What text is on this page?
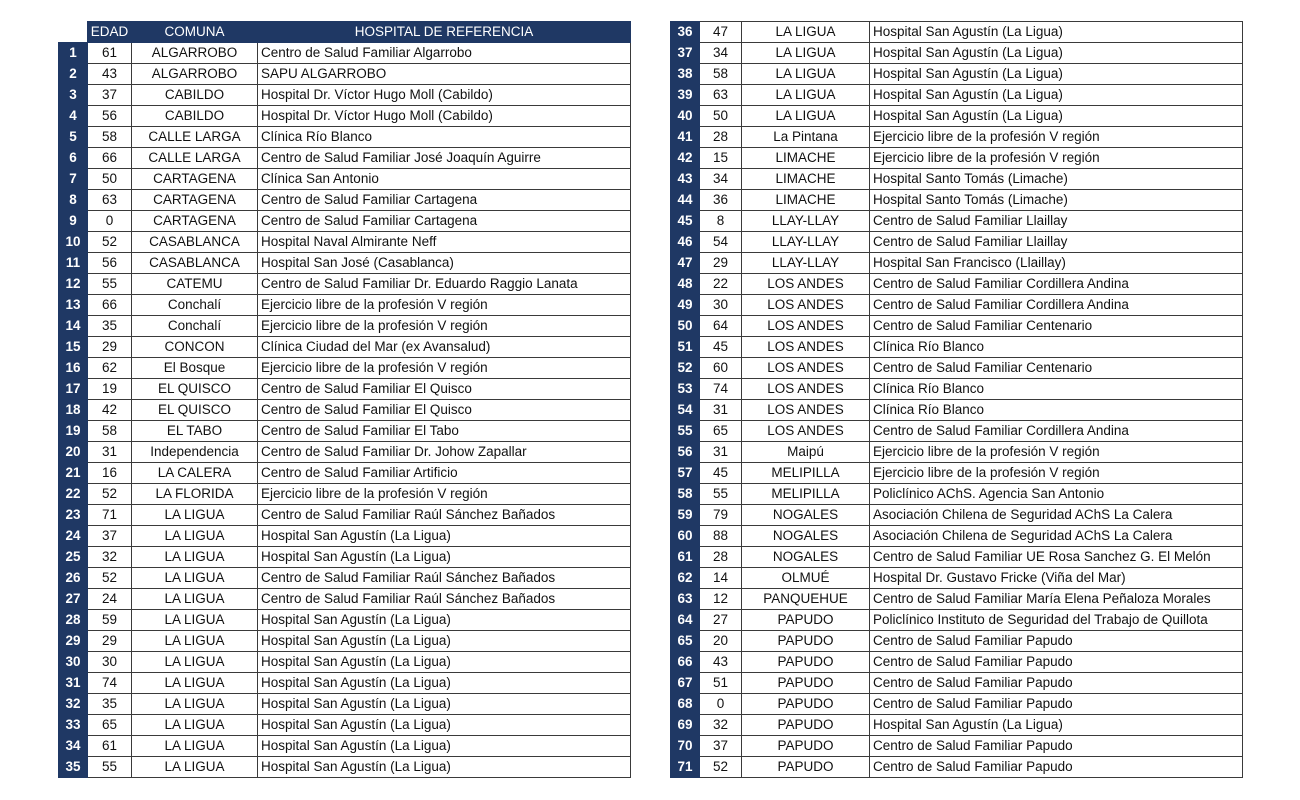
	EDAD	COMUNA	HOSPITAL DE REFERENCIA
1	61	ALGARROBO	Centro de Salud Familiar Algarrobo
2	43	ALGARROBO	SAPU ALGARROBO
3	37	CABILDO	Hospital Dr. Víctor Hugo Moll (Cabildo)
4	56	CABILDO	Hospital Dr. Víctor Hugo Moll (Cabildo)
5	58	CALLE LARGA	Clínica Río Blanco
6	66	CALLE LARGA	Centro de Salud Familiar José Joaquín Aguirre
7	50	CARTAGENA	Clínica San Antonio
8	63	CARTAGENA	Centro de Salud Familiar Cartagena
9	0	CARTAGENA	Centro de Salud Familiar Cartagena
10	52	CASABLANCA	Hospital Naval Almirante Neff
11	56	CASABLANCA	Hospital San José (Casablanca)
12	55	CATEMU	Centro de Salud Familiar Dr. Eduardo Raggio Lanata
13	66	Conchalí	Ejercicio libre de la profesión V región
14	35	Conchalí	Ejercicio libre de la profesión V región
15	29	CONCON	Clínica Ciudad del Mar (ex Avansalud)
16	62	El Bosque	Ejercicio libre de la profesión V región
17	19	EL QUISCO	Centro de Salud Familiar El Quisco
18	42	EL QUISCO	Centro de Salud Familiar El Quisco
19	58	EL TABO	Centro de Salud Familiar El Tabo
20	31	Independencia	Centro de Salud Familiar Dr. Johow Zapallar
21	16	LA CALERA	Centro de Salud Familiar Artificio
22	52	LA FLORIDA	Ejercicio libre de la profesión V región
23	71	LA LIGUA	Centro de Salud Familiar Raúl Sánchez Bañados
24	37	LA LIGUA	Hospital San Agustín (La Ligua)
25	32	LA LIGUA	Hospital San Agustín (La Ligua)
26	52	LA LIGUA	Centro de Salud Familiar Raúl Sánchez Bañados
27	24	LA LIGUA	Centro de Salud Familiar Raúl Sánchez Bañados
28	59	LA LIGUA	Hospital San Agustín (La Ligua)
29	29	LA LIGUA	Hospital San Agustín (La Ligua)
30	30	LA LIGUA	Hospital San Agustín (La Ligua)
31	74	LA LIGUA	Hospital San Agustín (La Ligua)
32	35	LA LIGUA	Hospital San Agustín (La Ligua)
33	65	LA LIGUA	Hospital San Agustín (La Ligua)
34	61	LA LIGUA	Hospital San Agustín (La Ligua)
35	55	LA LIGUA	Hospital San Agustín (La Ligua)
36	47	LA LIGUA	Hospital San Agustín (La Ligua)
37	34	LA LIGUA	Hospital San Agustín (La Ligua)
38	58	LA LIGUA	Hospital San Agustín (La Ligua)
39	63	LA LIGUA	Hospital San Agustín (La Ligua)
40	50	LA LIGUA	Hospital San Agustín (La Ligua)
41	28	La Pintana	Ejercicio libre de la profesión V región
42	15	LIMACHE	Ejercicio libre de la profesión V región
43	34	LIMACHE	Hospital Santo Tomás (Limache)
44	36	LIMACHE	Hospital Santo Tomás (Limache)
45	8	LLAY-LLAY	Centro de Salud Familiar Llaillay
46	54	LLAY-LLAY	Centro de Salud Familiar Llaillay
47	29	LLAY-LLAY	Hospital San Francisco (Llaillay)
48	22	LOS ANDES	Centro de Salud Familiar Cordillera Andina
49	30	LOS ANDES	Centro de Salud Familiar Cordillera Andina
50	64	LOS ANDES	Centro de Salud Familiar Centenario
51	45	LOS ANDES	Clínica Río Blanco
52	60	LOS ANDES	Centro de Salud Familiar Centenario
53	74	LOS ANDES	Clínica Río Blanco
54	31	LOS ANDES	Clínica Río Blanco
55	65	LOS ANDES	Centro de Salud Familiar Cordillera Andina
56	31	Maipú	Ejercicio libre de la profesión V región
57	45	MELIPILLA	Ejercicio libre de la profesión V región
58	55	MELIPILLA	Policlínico AChS. Agencia San Antonio
59	79	NOGALES	Asociación Chilena de Seguridad AChS La Calera
60	88	NOGALES	Asociación Chilena de Seguridad AChS La Calera
61	28	NOGALES	Centro de Salud Familiar UE Rosa Sanchez G. El Melón
62	14	OLMUÉ	Hospital Dr. Gustavo Fricke (Viña del Mar)
63	12	PANQUEHUE	Centro de Salud Familiar María Elena Peñaloza Morales
64	27	PAPUDO	Policlínico Instituto de Seguridad del Trabajo de Quillota
65	20	PAPUDO	Centro de Salud Familiar Papudo
66	43	PAPUDO	Centro de Salud Familiar Papudo
67	51	PAPUDO	Centro de Salud Familiar Papudo
68	0	PAPUDO	Centro de Salud Familiar Papudo
69	32	PAPUDO	Hospital San Agustín (La Ligua)
70	37	PAPUDO	Centro de Salud Familiar Papudo
71	52	PAPUDO	Centro de Salud Familiar Papudo
